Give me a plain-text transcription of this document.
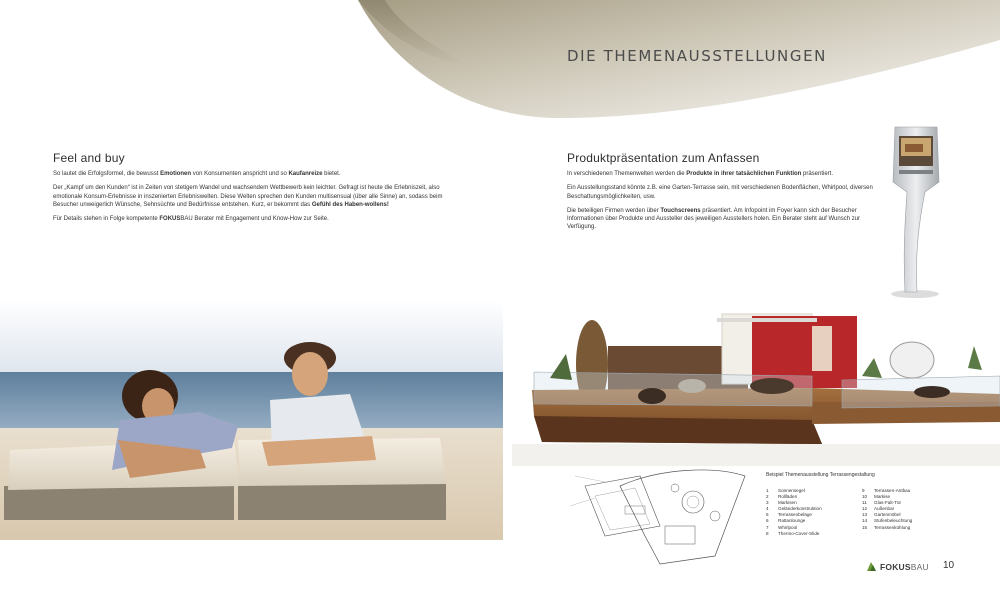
DIE THEMENAUSSTELLUNGEN
Feel and buy

So lautet die Erfolgsformel, die bewusst Emotionen von Konsumenten anspricht und so Kaufanreize bietet.

Der „Kampf um den Kunden“ ist in Zeiten von stetigem Wandel und wachsendem Wettbewerb kein leichter. Gefragt ist heute die Erlebniszeit, also emotionale Konsum-Erlebnisse in inszenierten Erlebniswelten. Diese Welten sprechen den Kunden multisensual (über alle Sinne) an, sodass beim Besucher unweigerlich Wünsche, Sehnsüchte und Bedürfnisse entstehen. Kurz, er bekommt das Gefühl des Haben-wollens!

Für Details stehen in Folge kompetente FOKUSBAU Berater mit Engagement und Know-How zur Seite.

Produktpräsentation zum Anfassen

In verschiedenen Themenwelten werden die Produkte in ihrer tatsächlichen Funktion präsentiert.

Ein Ausstellungsstand könnte z.B. eine Garten-Terrasse sein, mit verschiedenen Bodenflächen, Whirlpool, diversen Beschattungsmöglichkeiten, usw.

Die beteiligen Firmen werden über Touchscreens präsentiert. Am Infopoint im Foyer kann sich der Besucher Informationen über Produkte und Aussteller des jeweiligen Ausstellers holen. Ein Berater steht auf Wunsch zur Verfügung.

Beispiel Themenausstellung Terrassengestaltung
1	Sonnensegel
2	Rollläden
3	Markisen
4	Geländerkonstruktion
5	Terrassenbeläge
6	Rattanlounge
7	Whirlpool
8	Thermo-Cover-Slide
9	Terrassen-Antbau
10	Markise
11	Glas-Falt-Tür
12	Außenbar
13	Gartenmöbel
14	Stufenbeleuchtung
15	Terrassenkühlung
FOKUSBAU 10
